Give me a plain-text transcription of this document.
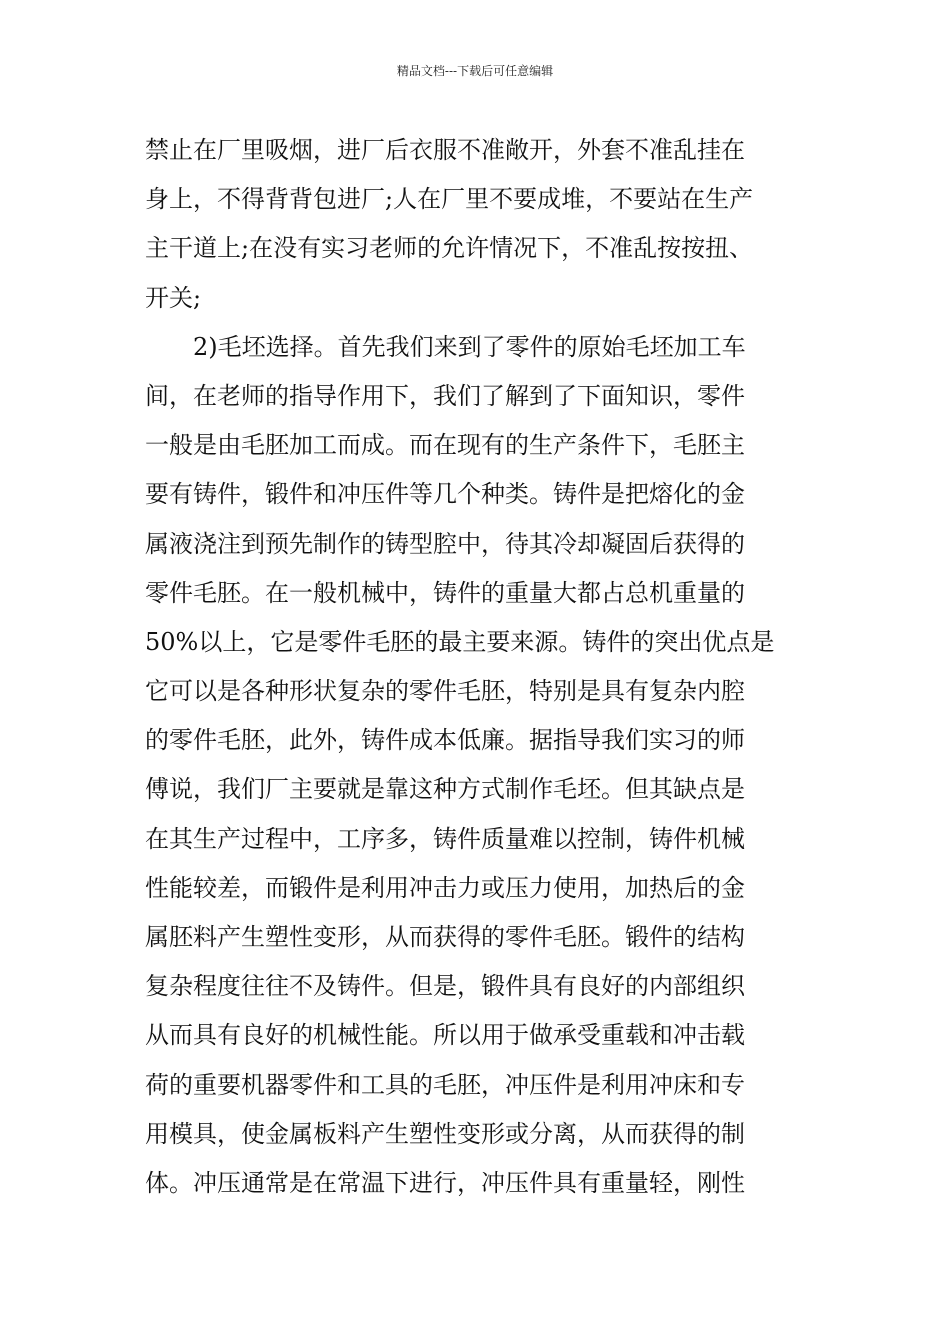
精品文档---下载后可任意编辑
禁止在厂里吸烟，进厂后衣服不准敞开，外套不准乱挂在
身上，不得背背包进厂;人在厂里不要成堆，不要站在生产
主干道上;在没有实习老师的允许情况下，不准乱按按扭、
开关;
2)毛坯选择。首先我们来到了零件的原始毛坯加工车
间，在老师的指导作用下，我们了解到了下面知识，零件
一般是由毛胚加工而成。而在现有的生产条件下，毛胚主
要有铸件，锻件和冲压件等几个种类。铸件是把熔化的金
属液浇注到预先制作的铸型腔中，待其冷却凝固后获得的
零件毛胚。在一般机械中，铸件的重量大都占总机重量的
50%以上，它是零件毛胚的最主要来源。铸件的突出优点是
它可以是各种形状复杂的零件毛胚，特别是具有复杂内腔
的零件毛胚，此外，铸件成本低廉。据指导我们实习的师
傅说，我们厂主要就是靠这种方式制作毛坯。但其缺点是
在其生产过程中，工序多，铸件质量难以控制，铸件机械
性能较差，而锻件是利用冲击力或压力使用，加热后的金
属胚料产生塑性变形，从而获得的零件毛胚。锻件的结构
复杂程度往往不及铸件。但是，锻件具有良好的内部组织
从而具有良好的机械性能。所以用于做承受重载和冲击载
荷的重要机器零件和工具的毛胚，冲压件是利用冲床和专
用模具，使金属板料产生塑性变形或分离，从而获得的制
体。冲压通常是在常温下进行，冲压件具有重量轻，刚性
